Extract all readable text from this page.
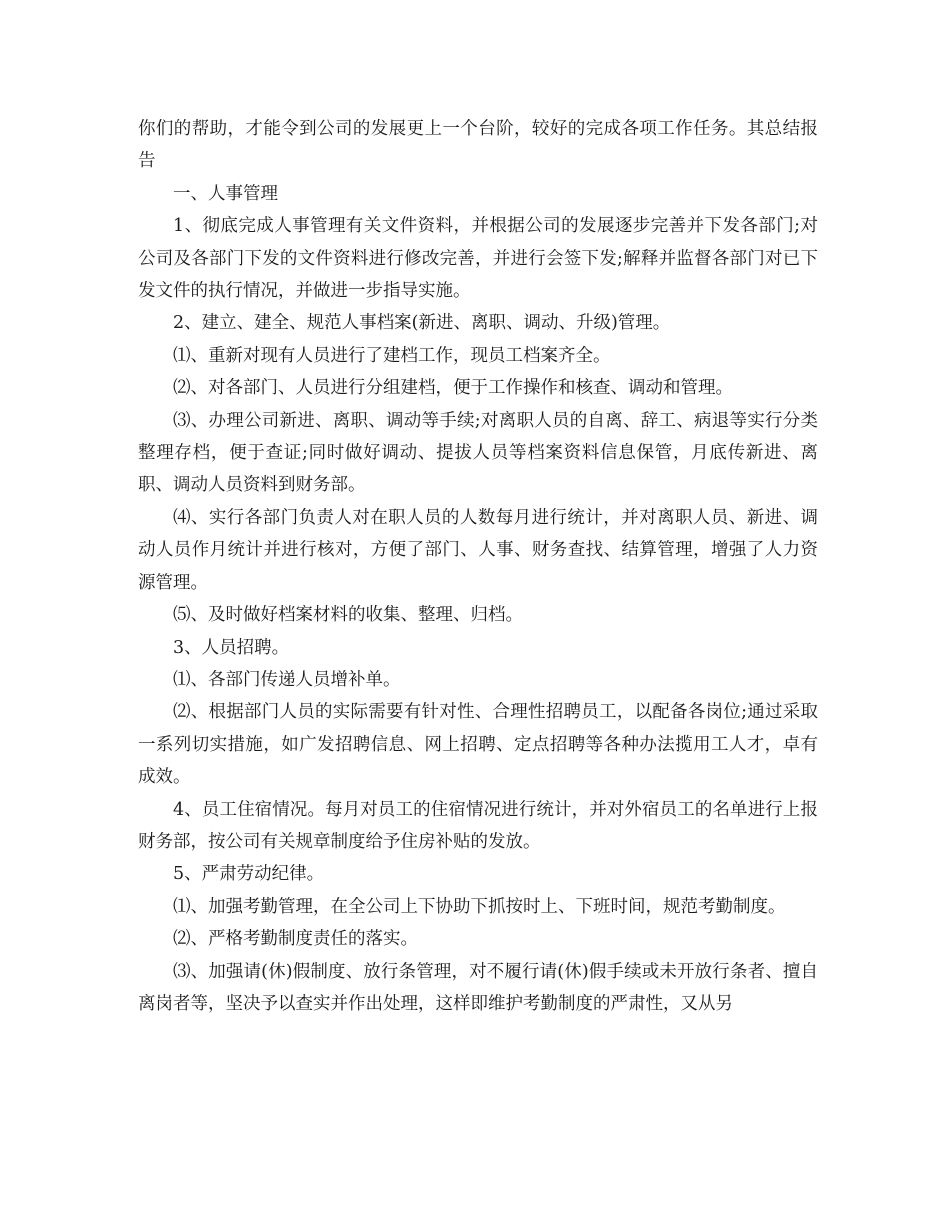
你们的帮助，才能令到公司的发展更上一个台阶，较好的完成各项工作任务。其总结报告

一、人事管理

1、彻底完成人事管理有关文件资料，并根据公司的发展逐步完善并下发各部门;对公司及各部门下发的文件资料进行修改完善，并进行会签下发;解释并监督各部门对已下发文件的执行情况，并做进一步指导实施。

2、建立、建全、规范人事档案(新进、离职、调动、升级)管理。

⑴、重新对现有人员进行了建档工作，现员工档案齐全。

⑵、对各部门、人员进行分组建档，便于工作操作和核查、调动和管理。

⑶、办理公司新进、离职、调动等手续;对离职人员的自离、辞工、病退等实行分类整理存档，便于查证;同时做好调动、提拔人员等档案资料信息保管，月底传新进、离职、调动人员资料到财务部。

⑷、实行各部门负责人对在职人员的人数每月进行统计，并对离职人员、新进、调动人员作月统计并进行核对，方便了部门、人事、财务查找、结算管理，增强了人力资源管理。

⑸、及时做好档案材料的收集、整理、归档。

3、人员招聘。

⑴、各部门传递人员增补单。

⑵、根据部门人员的实际需要有针对性、合理性招聘员工，以配备各岗位;通过采取一系列切实措施，如广发招聘信息、网上招聘、定点招聘等各种办法揽用工人才，卓有成效。

4、员工住宿情况。每月对员工的住宿情况进行统计，并对外宿员工的名单进行上报财务部，按公司有关规章制度给予住房补贴的发放。

5、严肃劳动纪律。

⑴、加强考勤管理，在全公司上下协助下抓按时上、下班时间，规范考勤制度。

⑵、严格考勤制度责任的落实。

⑶、加强请(休)假制度、放行条管理，对不履行请(休)假手续或未开放行条者、擅自离岗者等，坚决予以查实并作出处理，这样即维护考勤制度的严肃性，又从另
